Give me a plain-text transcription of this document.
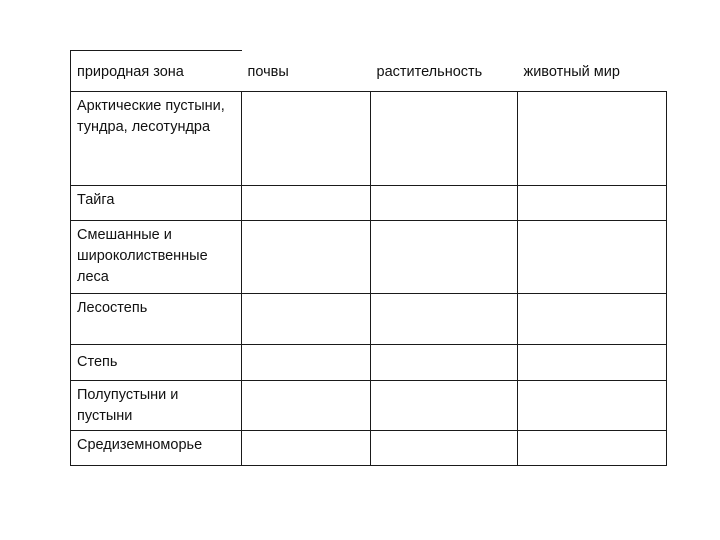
природная зона	почвы	растительность	животный мир
Арктические пустыни, тундра, лесотундра			
Тайга			
Смешанные и широколиственные леса			
Лесостепь			
Степь			
Полупустыни и пустыни			
Средиземноморье			
